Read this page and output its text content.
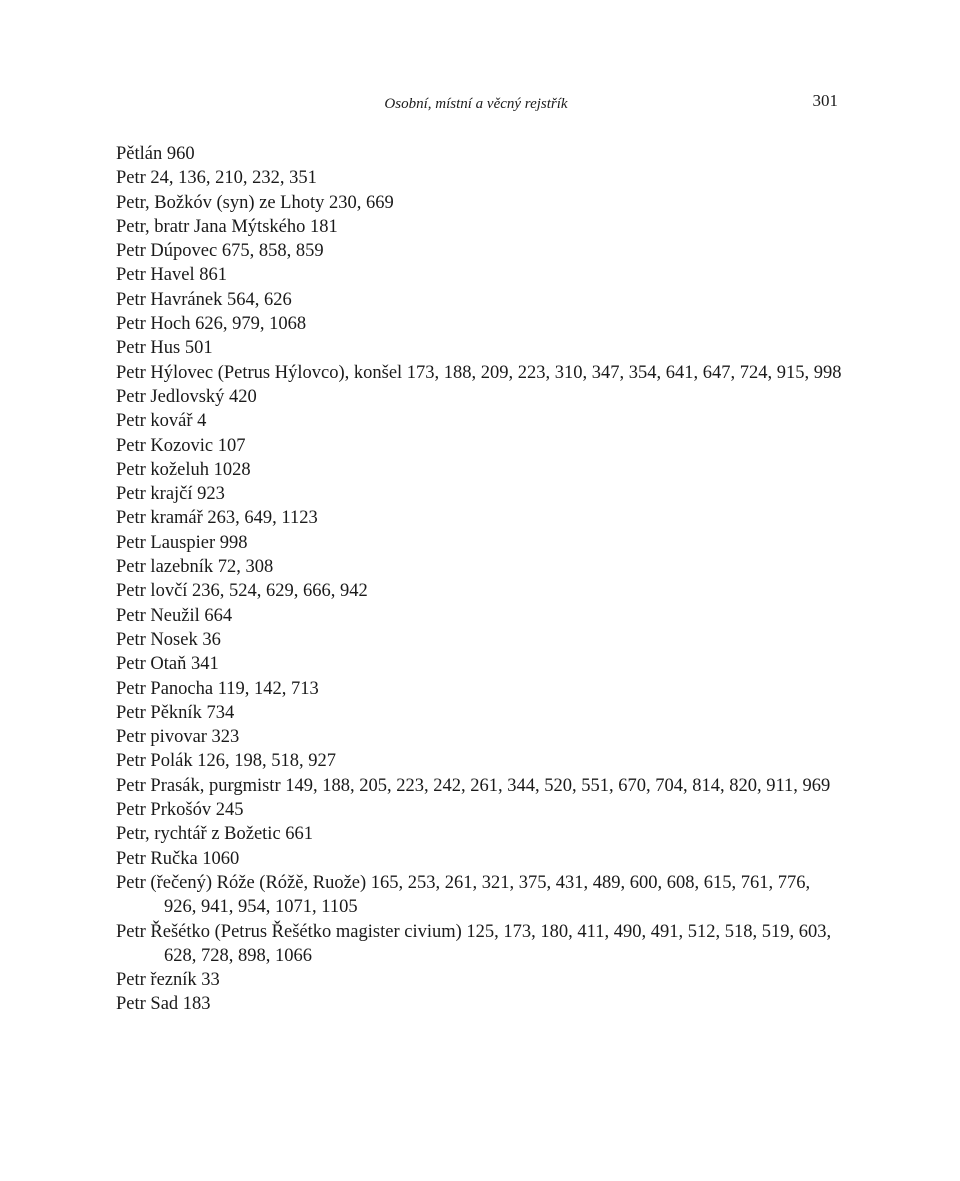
Osobní, místní a věcný rejstřík	301
Pětlán 960
Petr 24, 136, 210, 232, 351
Petr, Božkóv (syn) ze Lhoty 230, 669
Petr, bratr Jana Mýtského 181
Petr Dúpovec 675, 858, 859
Petr Havel 861
Petr Havránek 564, 626
Petr Hoch 626, 979, 1068
Petr Hus 501
Petr Hýlovec (Petrus Hýlovco), konšel 173, 188, 209, 223, 310, 347, 354, 641, 647, 724, 915, 998
Petr Jedlovský 420
Petr kovář 4
Petr Kozovic 107
Petr koželuh 1028
Petr krajčí 923
Petr kramář 263, 649, 1123
Petr Lauspier 998
Petr lazebník 72, 308
Petr lovčí 236, 524, 629, 666, 942
Petr Neužil 664
Petr Nosek 36
Petr Otaň 341
Petr Panocha 119, 142, 713
Petr Pěkník 734
Petr pivovar 323
Petr Polák 126, 198, 518, 927
Petr Prasák, purgmistr 149, 188, 205, 223, 242, 261, 344, 520, 551, 670, 704, 814, 820, 911, 969
Petr Prkošóv 245
Petr, rychtář z Božetic 661
Petr Ručka 1060
Petr (řečený) Róže (Róžě, Ruože) 165, 253, 261, 321, 375, 431, 489, 600, 608, 615, 761, 776, 926, 941, 954, 1071, 1105
Petr Řešétko (Petrus Řešétko magister civium) 125, 173, 180, 411, 490, 491, 512, 518, 519, 603, 628, 728, 898, 1066
Petr řezník 33
Petr Sad 183
